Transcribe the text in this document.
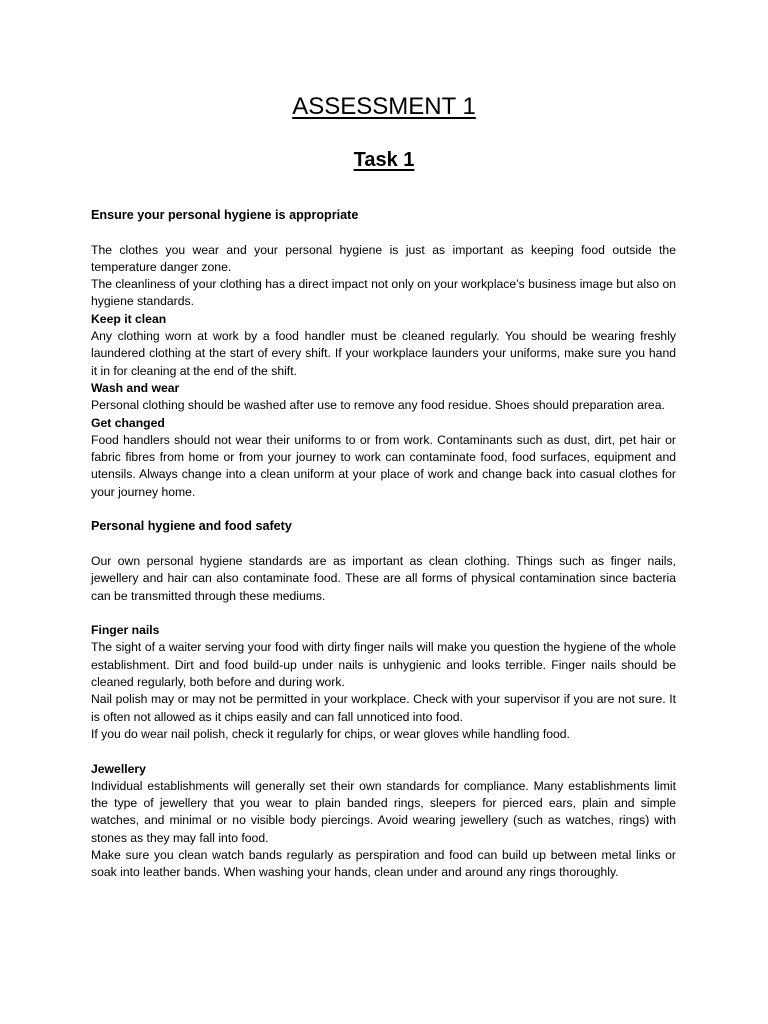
ASSESSMENT 1
Task 1
Ensure your personal hygiene is appropriate

The clothes you wear and your personal hygiene is just as important as keeping food outside the temperature danger zone.

The cleanliness of your clothing has a direct impact not only on your workplace’s business image but also on hygiene standards.

Keep it clean

Any clothing worn at work by a food handler must be cleaned regularly. You should be wearing freshly laundered clothing at the start of every shift. If your workplace launders your uniforms, make sure you hand it in for cleaning at the end of the shift.

Wash and wear

Personal clothing should be washed after use to remove any food residue. Shoes should preparation area.

Get changed

Food handlers should not wear their uniforms to or from work. Contaminants such as dust, dirt, pet hair or fabric fibres from home or from your journey to work can contaminate food, food surfaces, equipment and utensils. Always change into a clean uniform at your place of work and change back into casual clothes for your journey home.

Personal hygiene and food safety

Our own personal hygiene standards are as important as clean clothing. Things such as finger nails, jewellery and hair can also contaminate food. These are all forms of physical contamination since bacteria can be transmitted through these mediums.

Finger nails

The sight of a waiter serving your food with dirty finger nails will make you question the hygiene of the whole establishment. Dirt and food build-up under nails is unhygienic and looks terrible. Finger nails should be cleaned regularly, both before and during work.

Nail polish may or may not be permitted in your workplace. Check with your supervisor if you are not sure. It is often not allowed as it chips easily and can fall unnoticed into food.

If you do wear nail polish, check it regularly for chips, or wear gloves while handling food.

Jewellery

Individual establishments will generally set their own standards for compliance. Many establishments limit the type of jewellery that you wear to plain banded rings, sleepers for pierced ears, plain and simple watches, and minimal or no visible body piercings. Avoid wearing jewellery (such as watches, rings) with stones as they may fall into food.

Make sure you clean watch bands regularly as perspiration and food can build up between metal links or soak into leather bands. When washing your hands, clean under and around any rings thoroughly.
